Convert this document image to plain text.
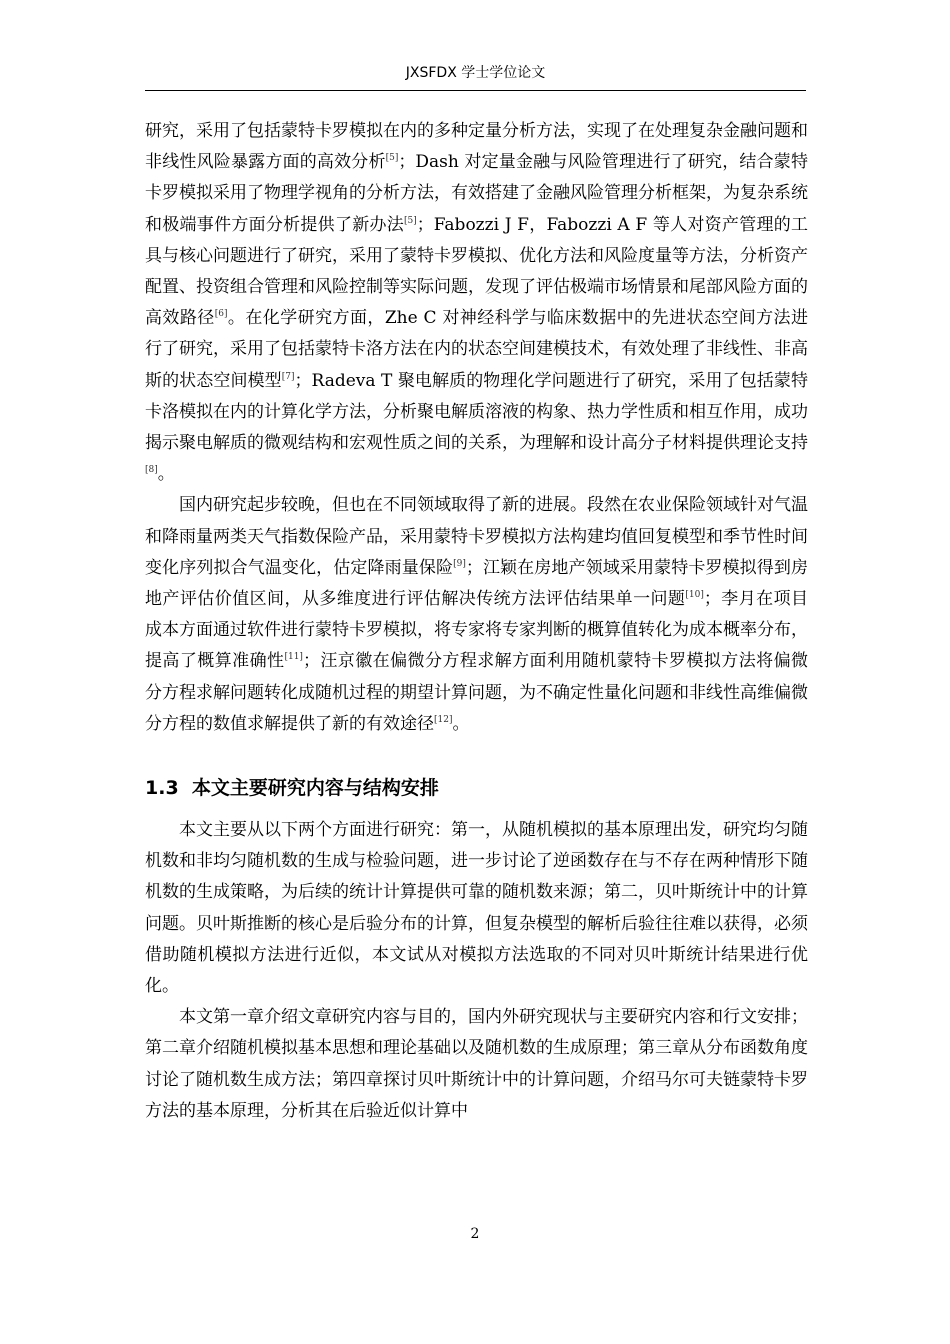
JXSFDX 学士学位论文

研究，采用了包括蒙特卡罗模拟在内的多种定量分析方法，实现了在处理复杂金融问题和非线性风险暴露方面的高效分析[5]；Dash 对定量金融与风险管理进行了研究，结合蒙特卡罗模拟采用了物理学视角的分析方法，有效搭建了金融风险管理分析框架，为复杂系统和极端事件方面分析提供了新办法[5]；Fabozzi J F，Fabozzi A F 等人对资产管理的工具与核心问题进行了研究，采用了蒙特卡罗模拟、优化方法和风险度量等方法，分析资产配置、投资组合管理和风险控制等实际问题，发现了评估极端市场情景和尾部风险方面的高效路径[6]。在化学研究方面，Zhe C 对神经科学与临床数据中的先进状态空间方法进行了研究，采用了包括蒙特卡洛方法在内的状态空间建模技术，有效处理了非线性、非高斯的状态空间模型[7]；Radeva T 聚电解质的物理化学问题进行了研究，采用了包括蒙特卡洛模拟在内的计算化学方法，分析聚电解质溶液的构象、热力学性质和相互作用，成功揭示聚电解质的微观结构和宏观性质之间的关系，为理解和设计高分子材料提供理论支持[8]。

国内研究起步较晚，但也在不同领域取得了新的进展。段然在农业保险领域针对气温和降雨量两类天气指数保险产品，采用蒙特卡罗模拟方法构建均值回复模型和季节性时间变化序列拟合气温变化，估定降雨量保险[9]；江颖在房地产领域采用蒙特卡罗模拟得到房地产评估价值区间，从多维度进行评估解决传统方法评估结果单一问题[10]；李月在项目成本方面通过软件进行蒙特卡罗模拟，将专家将专家判断的概算值转化为成本概率分布，提高了概算准确性[11]；汪京徽在偏微分方程求解方面利用随机蒙特卡罗模拟方法将偏微分方程求解问题转化成随机过程的期望计算问题，为不确定性量化问题和非线性高维偏微分方程的数值求解提供了新的有效途径[12]。

1.3 本文主要研究内容与结构安排

本文主要从以下两个方面进行研究：第一，从随机模拟的基本原理出发，研究均匀随机数和非均匀随机数的生成与检验问题，进一步讨论了逆函数存在与不存在两种情形下随机数的生成策略，为后续的统计计算提供可靠的随机数来源；第二，贝叶斯统计中的计算问题。贝叶斯推断的核心是后验分布的计算，但复杂模型的解析后验往往难以获得，必须借助随机模拟方法进行近似，本文试从对模拟方法选取的不同对贝叶斯统计结果进行优化。

本文第一章介绍文章研究内容与目的，国内外研究现状与主要研究内容和行文安排；第二章介绍随机模拟基本思想和理论基础以及随机数的生成原理；第三章从分布函数角度讨论了随机数生成方法；第四章探讨贝叶斯统计中的计算问题，介绍马尔可夫链蒙特卡罗方法的基本原理，分析其在后验近似计算中

2
